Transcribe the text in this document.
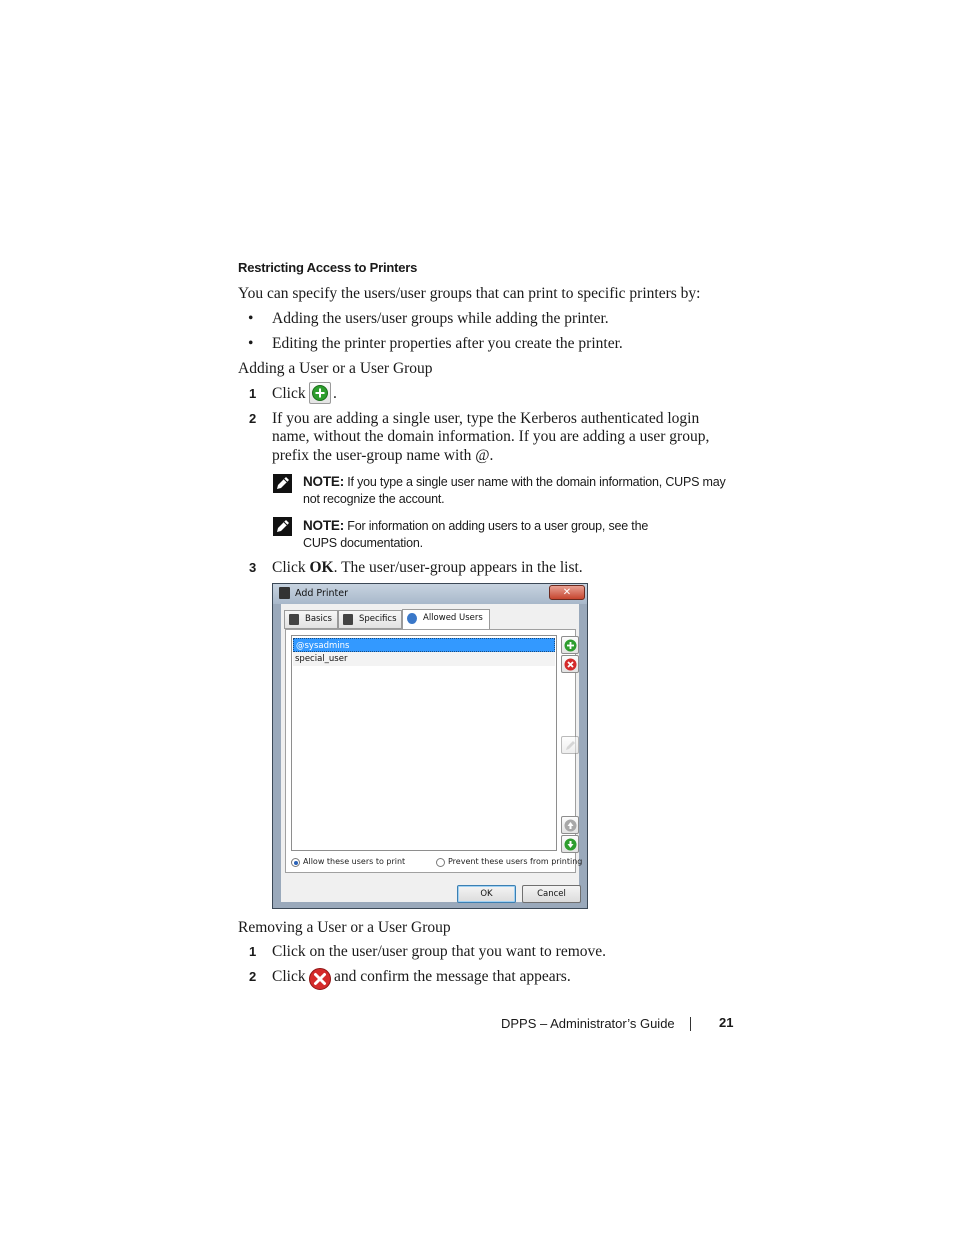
Restricting Access to Printers
You can specify the users/user groups that can print to specific printers by:
• Adding the users/user groups while adding the printer.
• Editing the printer properties after you create the printer.
Adding a User or a User Group
1 Click .
2 If you are adding a single user, type the Kerberos authenticated login
name, without the domain information. If you are adding a user group,
prefix the user-group name with @.
NOTE: If you type a single user name with the domain information, CUPS may
not recognize the account.
NOTE: For information on adding users to a user group, see the
CUPS documentation.
3 Click OK. The user/user-group appears in the list.
Add Printer	✕
Basics	Specifics	Allowed Users
@sysadmins
special_user
Allow these users to print	Prevent these users from printing
OK	Cancel
Removing a User or a User Group
1 Click on the user/user group that you want to remove.
2 Click and confirm the message that appears.
DPPS – Administrator’s Guide	21
